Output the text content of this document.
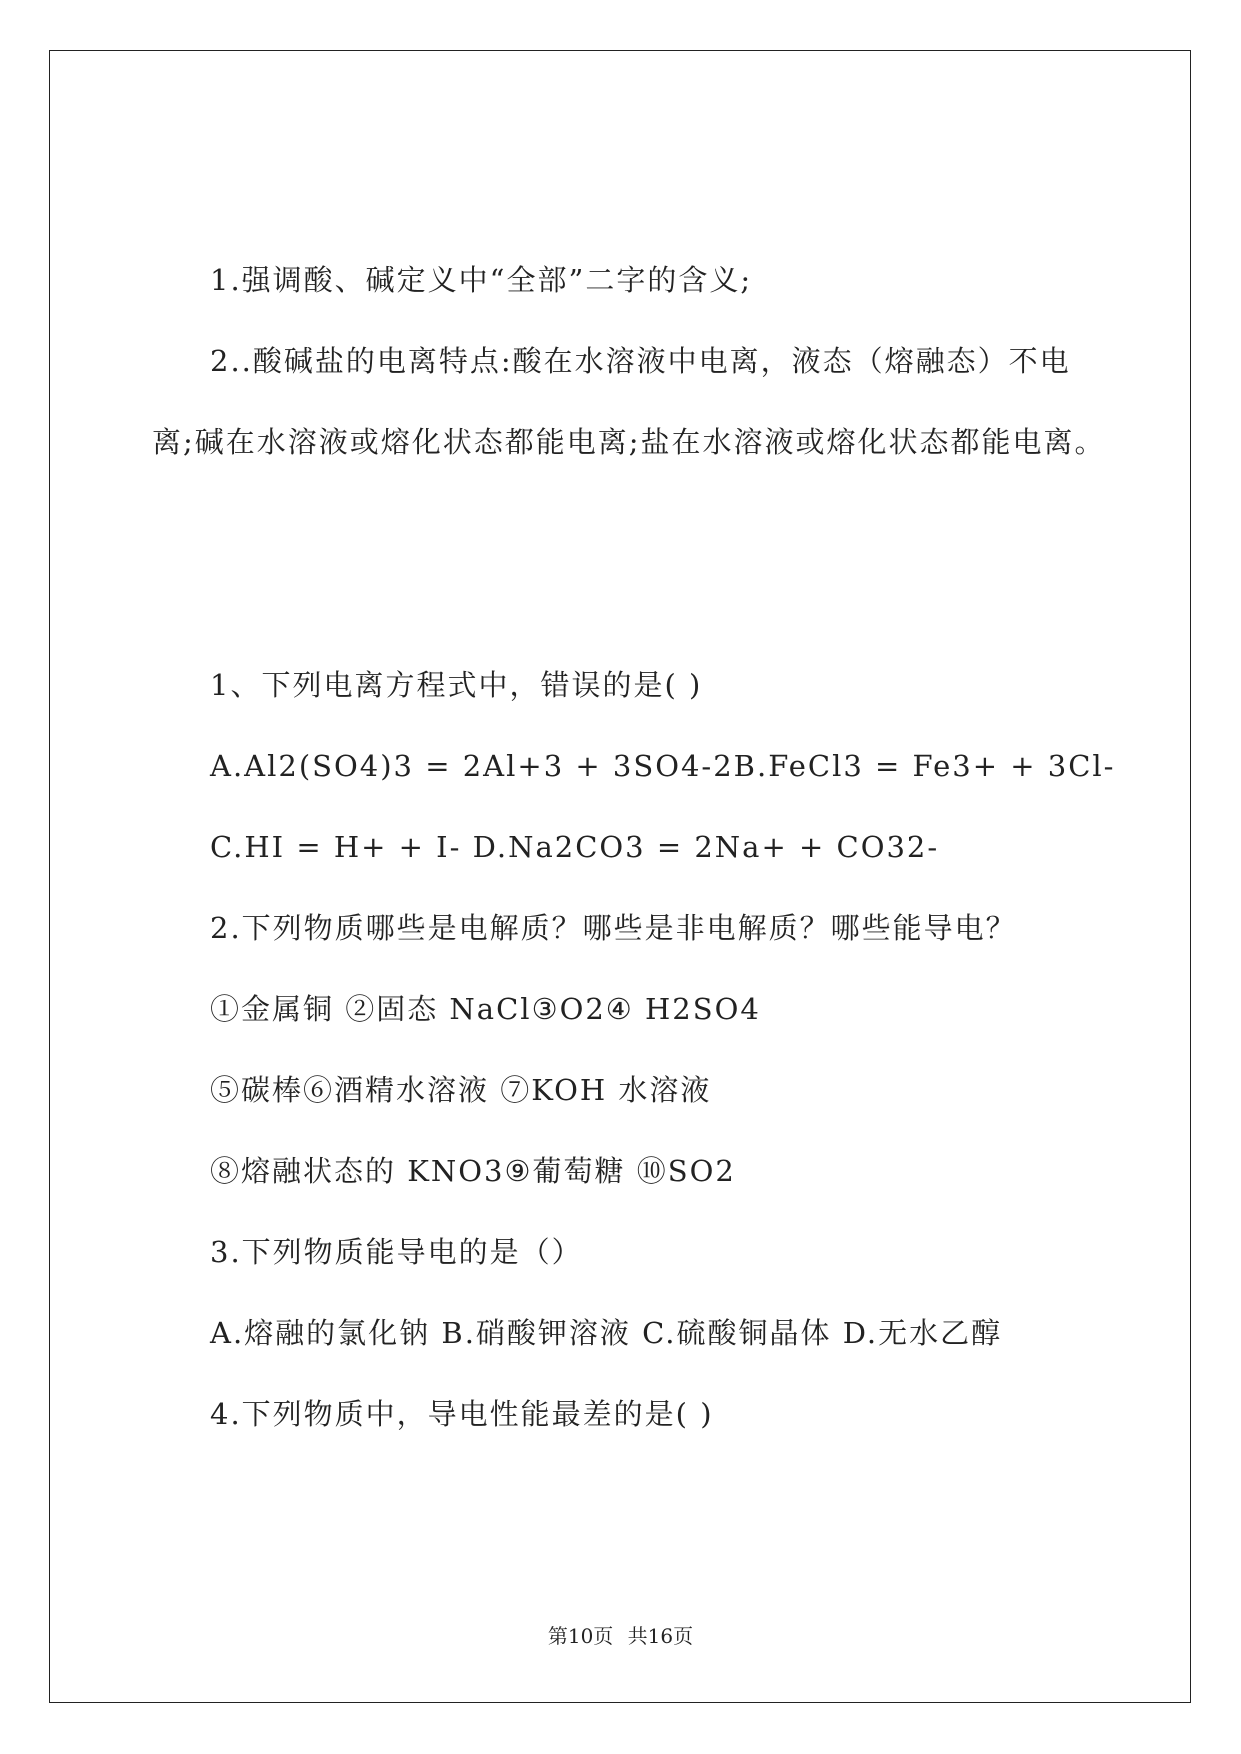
1.强调酸、碱定义中“全部”二字的含义;

2..酸碱盐的电离特点:酸在水溶液中电离，液态（熔融态）不电离;碱在水溶液或熔化状态都能电离;盐在水溶液或熔化状态都能电离。

1、下列电离方程式中，错误的是( )

A.Al2(SO4)3 = 2Al+3 + 3SO4-2B.FeCl3 = Fe3+ + 3Cl-

C.HI = H+ + I- D.Na2CO3 = 2Na+ + CO32-

2.下列物质哪些是电解质？哪些是非电解质？哪些能导电？

①金属铜 ②固态 NaCl③O2④ H2SO4

⑤碳棒⑥酒精水溶液 ⑦KOH 水溶液

⑧熔融状态的 KNO3⑨葡萄糖 ⑩SO2

3.下列物质能导电的是（）

A.熔融的氯化钠 B.硝酸钾溶液 C.硫酸铜晶体 D.无水乙醇

4.下列物质中，导电性能最差的是( )

第10页 共16页
